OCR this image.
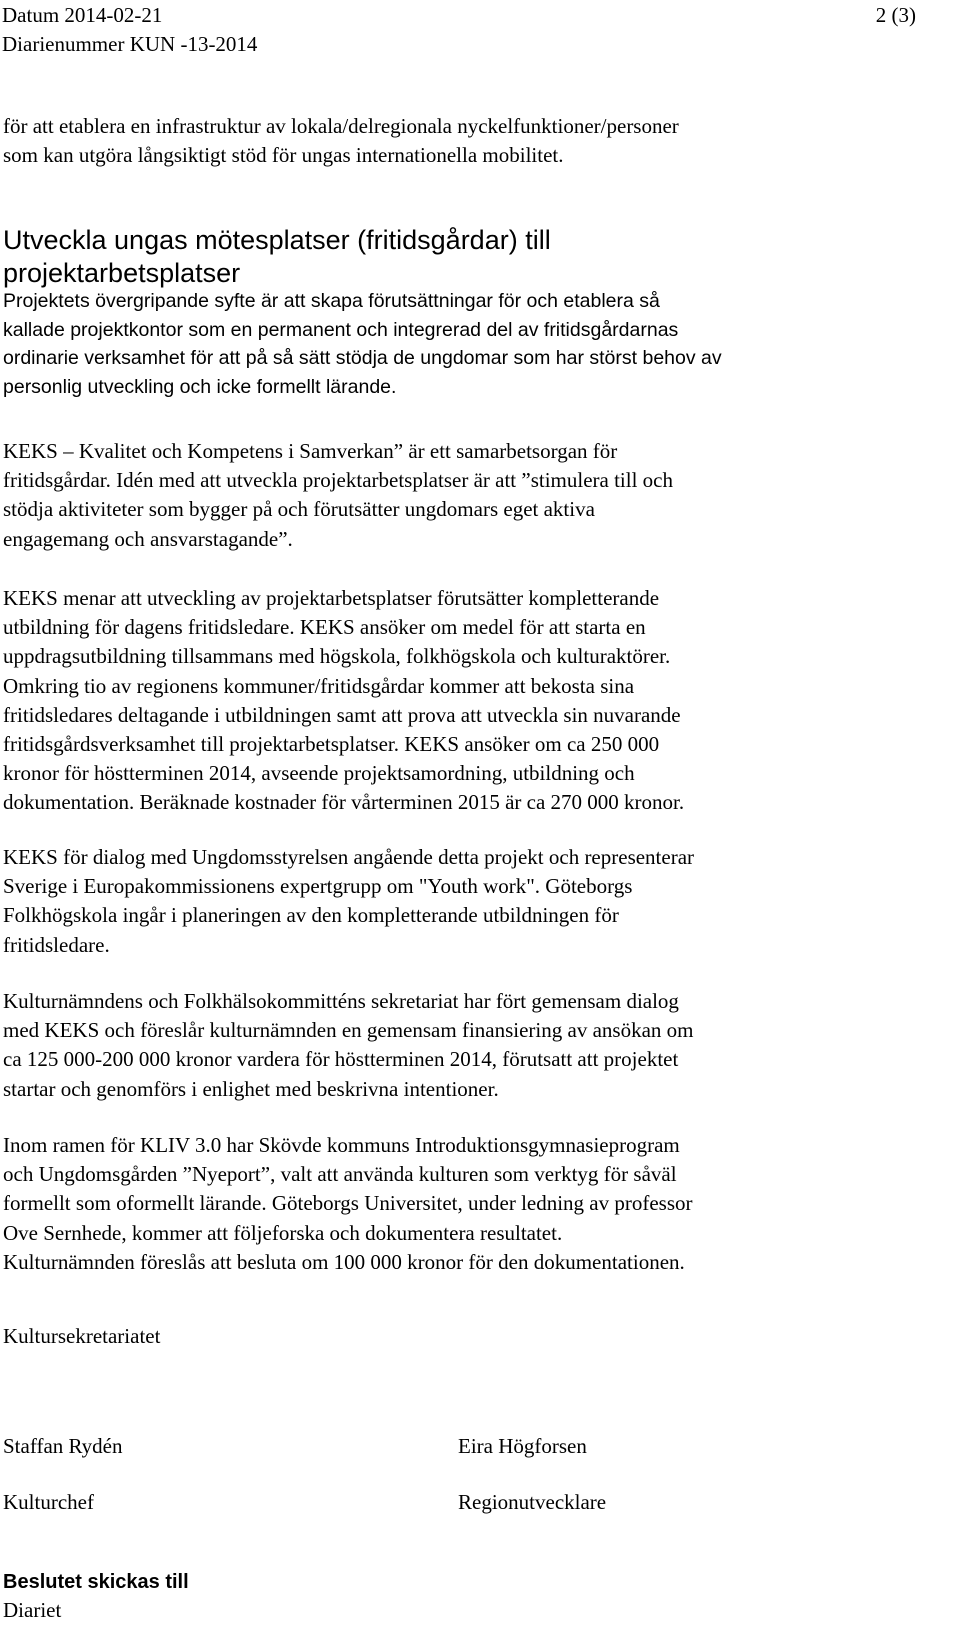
Datum 2014-02-21
Diarienummer KUN -13-2014
2 (3)

för att etablera en infrastruktur av lokala/delregionala nyckelfunktioner/personer
som kan utgöra långsiktigt stöd för ungas internationella mobilitet.

Utveckla ungas mötesplatser (fritidsgårdar) till
projektarbetsplatser

Projektets övergripande syfte är att skapa förutsättningar för och etablera så
kallade projektkontor som en permanent och integrerad del av fritidsgårdarnas
ordinarie verksamhet för att på så sätt stödja de ungdomar som har störst behov av
personlig utveckling och icke formellt lärande.

KEKS – Kvalitet och Kompetens i Samverkan” är ett samarbetsorgan för
fritidsgårdar. Idén med att utveckla projektarbetsplatser är att ”stimulera till och
stödja aktiviteter som bygger på och förutsätter ungdomars eget aktiva
engagemang och ansvarstagande”.

KEKS menar att utveckling av projektarbetsplatser förutsätter kompletterande
utbildning för dagens fritidsledare. KEKS ansöker om medel för att starta en
uppdragsutbildning tillsammans med högskola, folkhögskola och kulturaktörer.
Omkring tio av regionens kommuner/fritidsgårdar kommer att bekosta sina
fritidsledares deltagande i utbildningen samt att prova att utveckla sin nuvarande
fritidsgårdsverksamhet till projektarbetsplatser. KEKS ansöker om ca 250 000
kronor för höstterminen 2014, avseende projektsamordning, utbildning och
dokumentation. Beräknade kostnader för vårterminen 2015 är ca 270 000 kronor.

KEKS för dialog med Ungdomsstyrelsen angående detta projekt och representerar
Sverige i Europakommissionens expertgrupp om "Youth work". Göteborgs
Folkhögskola ingår i planeringen av den kompletterande utbildningen för
fritidsledare.

Kulturnämndens och Folkhälsokommitténs sekretariat har fört gemensam dialog
med KEKS och föreslår kulturnämnden en gemensam finansiering av ansökan om
ca 125 000-200 000 kronor vardera för höstterminen 2014, förutsatt att projektet
startar och genomförs i enlighet med beskrivna intentioner.

Inom ramen för KLIV 3.0 har Skövde kommuns Introduktionsgymnasieprogram
och Ungdomsgården ”Nyeport”, valt att använda kulturen som verktyg för såväl
formellt som oformellt lärande. Göteborgs Universitet, under ledning av professor
Ove Sernhede, kommer att följeforska och dokumentera resultatet.
Kulturnämnden föreslås att besluta om 100 000 kronor för den dokumentationen.

Kultursekretariatet

Staffan Rydén

Kulturchef

Eira Högforsen

Regionutvecklare

Beslutet skickas till
Diariet
